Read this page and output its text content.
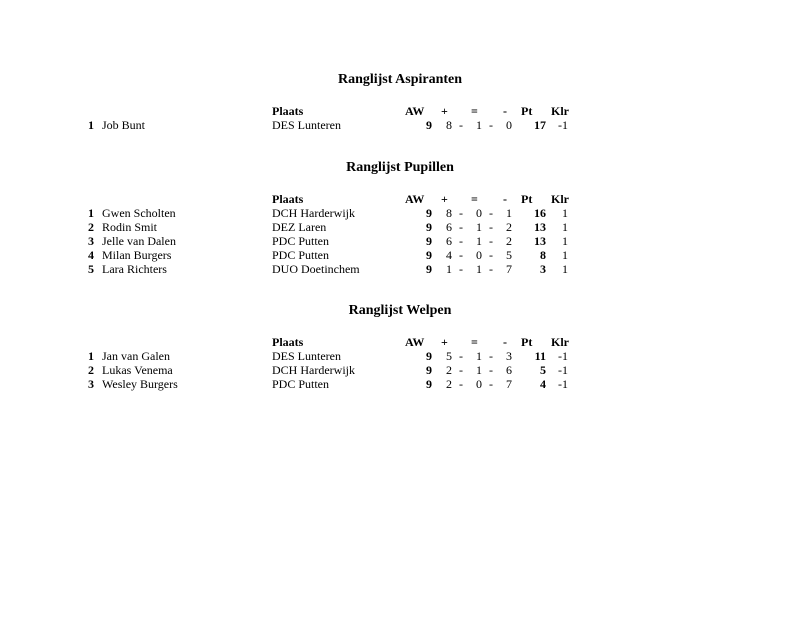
Ranglijst Aspiranten
Plaats	AW + = - Pt Klr
1 Job Bunt	DES Lunteren	9	8 -	1 -	0	17	-1
Ranglijst Pupillen
Plaats	AW + = - Pt Klr
1 Gwen Scholten	DCH Harderwijk	9	8 -	0 -	1	16	1
2 Rodin Smit	DEZ Laren	9	6 -	1 -	2	13	1
3 Jelle van Dalen	PDC Putten	9	6 -	1 -	2	13	1
4 Milan Burgers	PDC Putten	9	4 -	0 -	5	8	1
5 Lara Richters	DUO Doetinchem	9	1 -	1 -	7	3	1
Ranglijst Welpen
Plaats	AW + = - Pt Klr
1 Jan van Galen	DES Lunteren	9	5 -	1 -	3	11	-1
2 Lukas Venema	DCH Harderwijk	9	2 -	1 -	6	5	-1
3 Wesley Burgers	PDC Putten	9	2 -	0 -	7	4	-1
